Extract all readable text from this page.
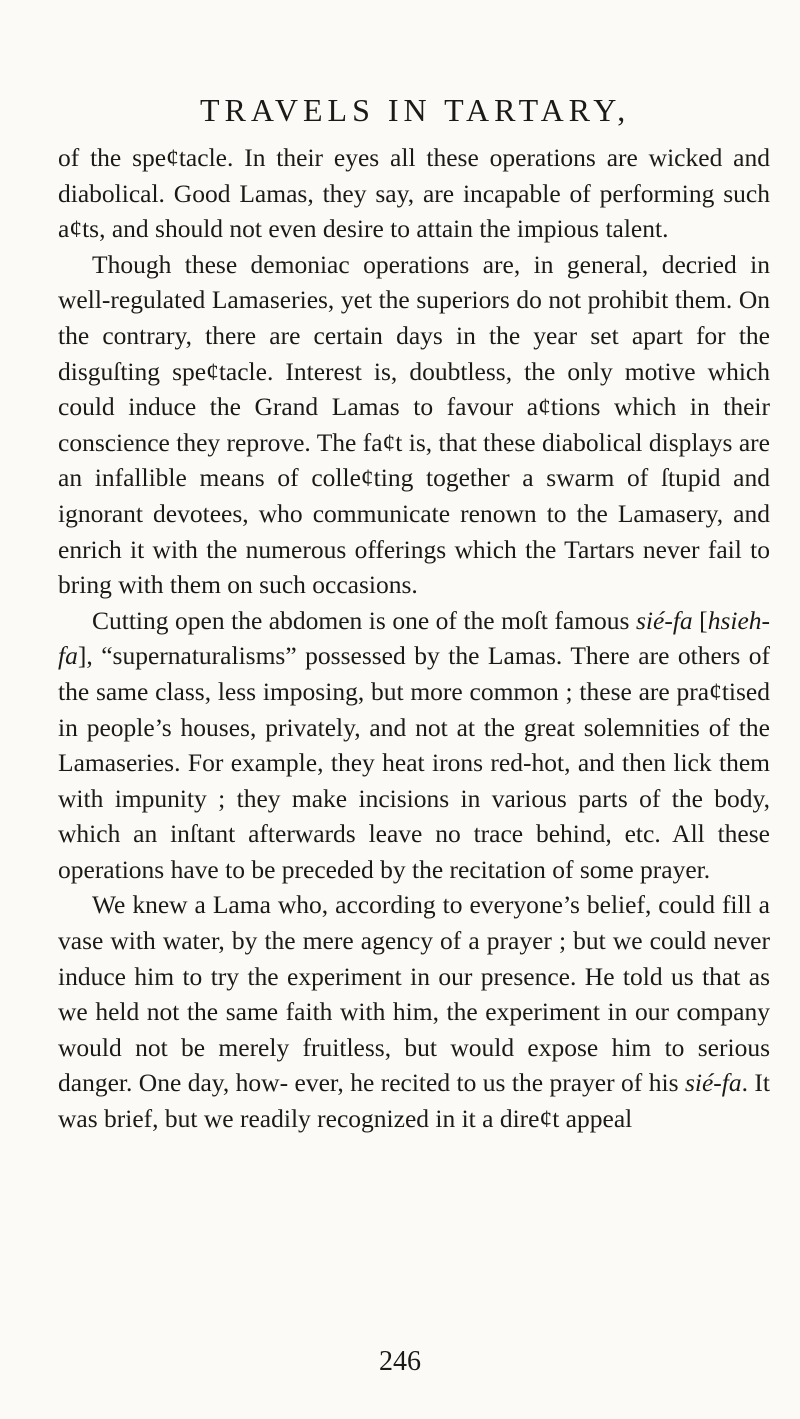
TRAVELS IN TARTARY,

of the spe¢tacle. In their eyes all these operations are wicked and diabolical. Good Lamas, they say, are incapable of performing such a¢ts, and should not even desire to attain the impious talent.

Though these demoniac operations are, in general, decried in well-regulated Lamaseries, yet the superiors do not prohibit them. On the contrary, there are certain days in the year set apart for the disguſting spe¢tacle. Interest is, doubtless, the only motive which could induce the Grand Lamas to favour a¢tions which in their conscience they reprove. The fa¢t is, that these diabolical displays are an infallible means of colle¢ting together a swarm of ſtupid and ignorant devotees, who communicate renown to the Lamasery, and enrich it with the numerous offerings which the Tartars never fail to bring with them on such occasions.

Cutting open the abdomen is one of the moſt famous sié-fa [hsieh-fa], “supernaturalisms” possessed by the Lamas. There are others of the same class, less imposing, but more common ; these are pra¢tised in people’s houses, privately, and not at the great solemnities of the Lamaseries. For example, they heat irons red-hot, and then lick them with impunity ; they make incisions in various parts of the body, which an inſtant afterwards leave no trace behind, etc. All these operations have to be preceded by the recitation of some prayer.

We knew a Lama who, according to everyone’s belief, could fill a vase with water, by the mere agency of a prayer ; but we could never induce him to try the experiment in our presence. He told us that as we held not the same faith with him, the experiment in our company would not be merely fruitless, but would expose him to serious danger. One day, how- ever, he recited to us the prayer of his sié-fa. It was brief, but we readily recognized in it a dire¢t appeal

246
